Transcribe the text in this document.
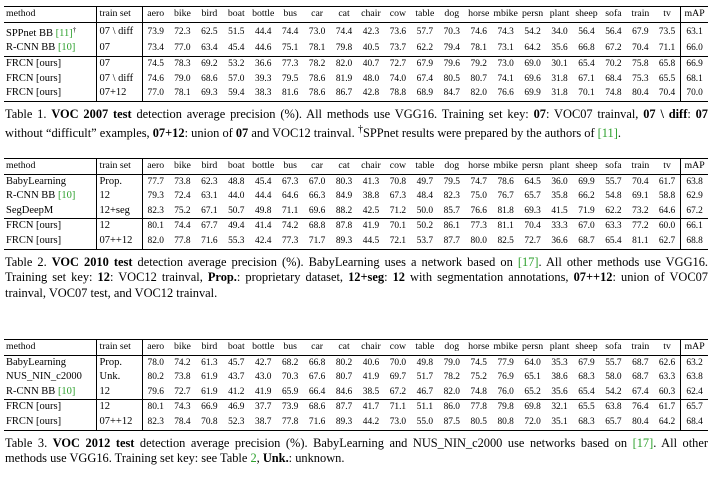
method	train set	aero	bike	bird	boat	bottle	bus	car	cat	chair	cow	table	dog	horse	mbike	persn	plant	sheep	sofa	train	tv	mAP
SPPnet BB [11]†	07 \ diff	73.9	72.3	62.5	51.5	44.4	74.4	73.0	74.4	42.3	73.6	57.7	70.3	74.6	74.3	54.2	34.0	56.4	56.4	67.9	73.5	63.1
R-CNN BB [10]	07	73.4	77.0	63.4	45.4	44.6	75.1	78.1	79.8	40.5	73.7	62.2	79.4	78.1	73.1	64.2	35.6	66.8	67.2	70.4	71.1	66.0
FRCN [ours]	07	74.5	78.3	69.2	53.2	36.6	77.3	78.2	82.0	40.7	72.7	67.9	79.6	79.2	73.0	69.0	30.1	65.4	70.2	75.8	65.8	66.9
FRCN [ours]	07 \ diff	74.6	79.0	68.6	57.0	39.3	79.5	78.6	81.9	48.0	74.0	67.4	80.5	80.7	74.1	69.6	31.8	67.1	68.4	75.3	65.5	68.1
FRCN [ours]	07+12	77.0	78.1	69.3	59.4	38.3	81.6	78.6	86.7	42.8	78.8	68.9	84.7	82.0	76.6	69.9	31.8	70.1	74.8	80.4	70.4	70.0
Table 1. VOC 2007 test detection average precision (%). All methods use VGG16. Training set key: 07: VOC07 trainval, 07 \ diff: 07 without “difficult” examples, 07+12: union of 07 and VOC12 trainval. †SPPnet results were prepared by the authors of [11].
method	train set	aero	bike	bird	boat	bottle	bus	car	cat	chair	cow	table	dog	horse	mbike	persn	plant	sheep	sofa	train	tv	mAP
BabyLearning	Prop.	77.7	73.8	62.3	48.8	45.4	67.3	67.0	80.3	41.3	70.8	49.7	79.5	74.7	78.6	64.5	36.0	69.9	55.7	70.4	61.7	63.8
R-CNN BB [10]	12	79.3	72.4	63.1	44.0	44.4	64.6	66.3	84.9	38.8	67.3	48.4	82.3	75.0	76.7	65.7	35.8	66.2	54.8	69.1	58.8	62.9
SegDeepM	12+seg	82.3	75.2	67.1	50.7	49.8	71.1	69.6	88.2	42.5	71.2	50.0	85.7	76.6	81.8	69.3	41.5	71.9	62.2	73.2	64.6	67.2
FRCN [ours]	12	80.1	74.4	67.7	49.4	41.4	74.2	68.8	87.8	41.9	70.1	50.2	86.1	77.3	81.1	70.4	33.3	67.0	63.3	77.2	60.0	66.1
FRCN [ours]	07++12	82.0	77.8	71.6	55.3	42.4	77.3	71.7	89.3	44.5	72.1	53.7	87.7	80.0	82.5	72.7	36.6	68.7	65.4	81.1	62.7	68.8
Table 2. VOC 2010 test detection average precision (%). BabyLearning uses a network based on [17]. All other methods use VGG16. Training set key: 12: VOC12 trainval, Prop.: proprietary dataset, 12+seg: 12 with segmentation annotations, 07++12: union of VOC07 trainval, VOC07 test, and VOC12 trainval.
method	train set	aero	bike	bird	boat	bottle	bus	car	cat	chair	cow	table	dog	horse	mbike	persn	plant	sheep	sofa	train	tv	mAP
BabyLearning	Prop.	78.0	74.2	61.3	45.7	42.7	68.2	66.8	80.2	40.6	70.0	49.8	79.0	74.5	77.9	64.0	35.3	67.9	55.7	68.7	62.6	63.2
NUS_NIN_c2000	Unk.	80.2	73.8	61.9	43.7	43.0	70.3	67.6	80.7	41.9	69.7	51.7	78.2	75.2	76.9	65.1	38.6	68.3	58.0	68.7	63.3	63.8
R-CNN BB [10]	12	79.6	72.7	61.9	41.2	41.9	65.9	66.4	84.6	38.5	67.2	46.7	82.0	74.8	76.0	65.2	35.6	65.4	54.2	67.4	60.3	62.4
FRCN [ours]	12	80.1	74.3	66.9	46.9	37.7	73.9	68.6	87.7	41.7	71.1	51.1	86.0	77.8	79.8	69.8	32.1	65.5	63.8	76.4	61.7	65.7
FRCN [ours]	07++12	82.3	78.4	70.8	52.3	38.7	77.8	71.6	89.3	44.2	73.0	55.0	87.5	80.5	80.8	72.0	35.1	68.3	65.7	80.4	64.2	68.4
Table 3. VOC 2012 test detection average precision (%). BabyLearning and NUS_NIN_c2000 use networks based on [17]. All other methods use VGG16. Training set key: see Table 2, Unk.: unknown.
